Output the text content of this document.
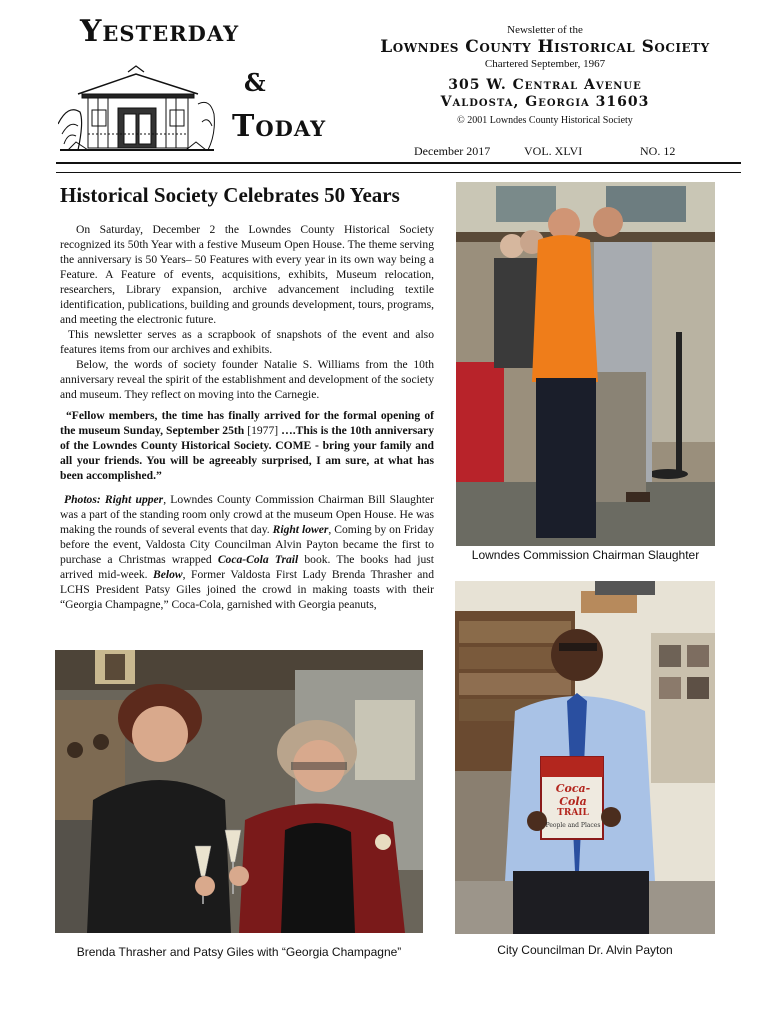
Yesterday
&
Today
Newsletter of the
Lowndes County Historical Society
Chartered September, 1967
305 W. Central Avenue
Valdosta, Georgia 31603
© 2001 Lowndes County Historical Society
December 2017	VOL. XLVI	NO. 12
Historical Society Celebrates 50 Years

On Saturday, December 2 the Lowndes County Historical Society recognized its 50th Year with a festive Museum Open House. The theme serving the anniversary is 50 Years– 50 Features with every year in its own way being a Feature. A Feature of events, acquisitions, exhibits, Museum relocation, researchers, Library expansion, archive advancement including textile identification, publications, building and grounds development, tours, programs, and meeting the electronic future.

This newsletter serves as a scrapbook of snapshots of the event and also features items from our archives and exhibits.

Below, the words of society founder Natalie S. Williams from the 10th anniversary reveal the spirit of the establishment and development of the society and museum. They reflect on moving into the Carnegie.

“Fellow members, the time has finally arrived for the formal opening of the museum Sunday, September 25th [1977] ….This is the 10th anniversary of the Lowndes County Historical Society. COME - bring your family and all your friends. You will be agreeably surprised, I am sure, at what has been accomplished.”
Photos: Right upper, Lowndes County Commission Chairman Bill Slaughter was a part of the standing room only crowd at the museum Open House. He was making the rounds of several events that day. Right lower, Coming by on Friday before the event, Valdosta City Councilman Alvin Payton became the first to purchase a Christmas wrapped Coca-Cola Trail book. The books had just arrived mid-week. Below, Former Valdosta First Lady Brenda Thrasher and LCHS President Patsy Giles joined the crowd in making toasts with their “Georgia Champagne,” Coca-Cola, garnished with Georgia peanuts,
Lowndes Commission Chairman Slaughter
Coca-Cola
TRAIL
People and Places
City Councilman Dr. Alvin Payton
Brenda Thrasher and Patsy Giles with “Georgia Champagne”
